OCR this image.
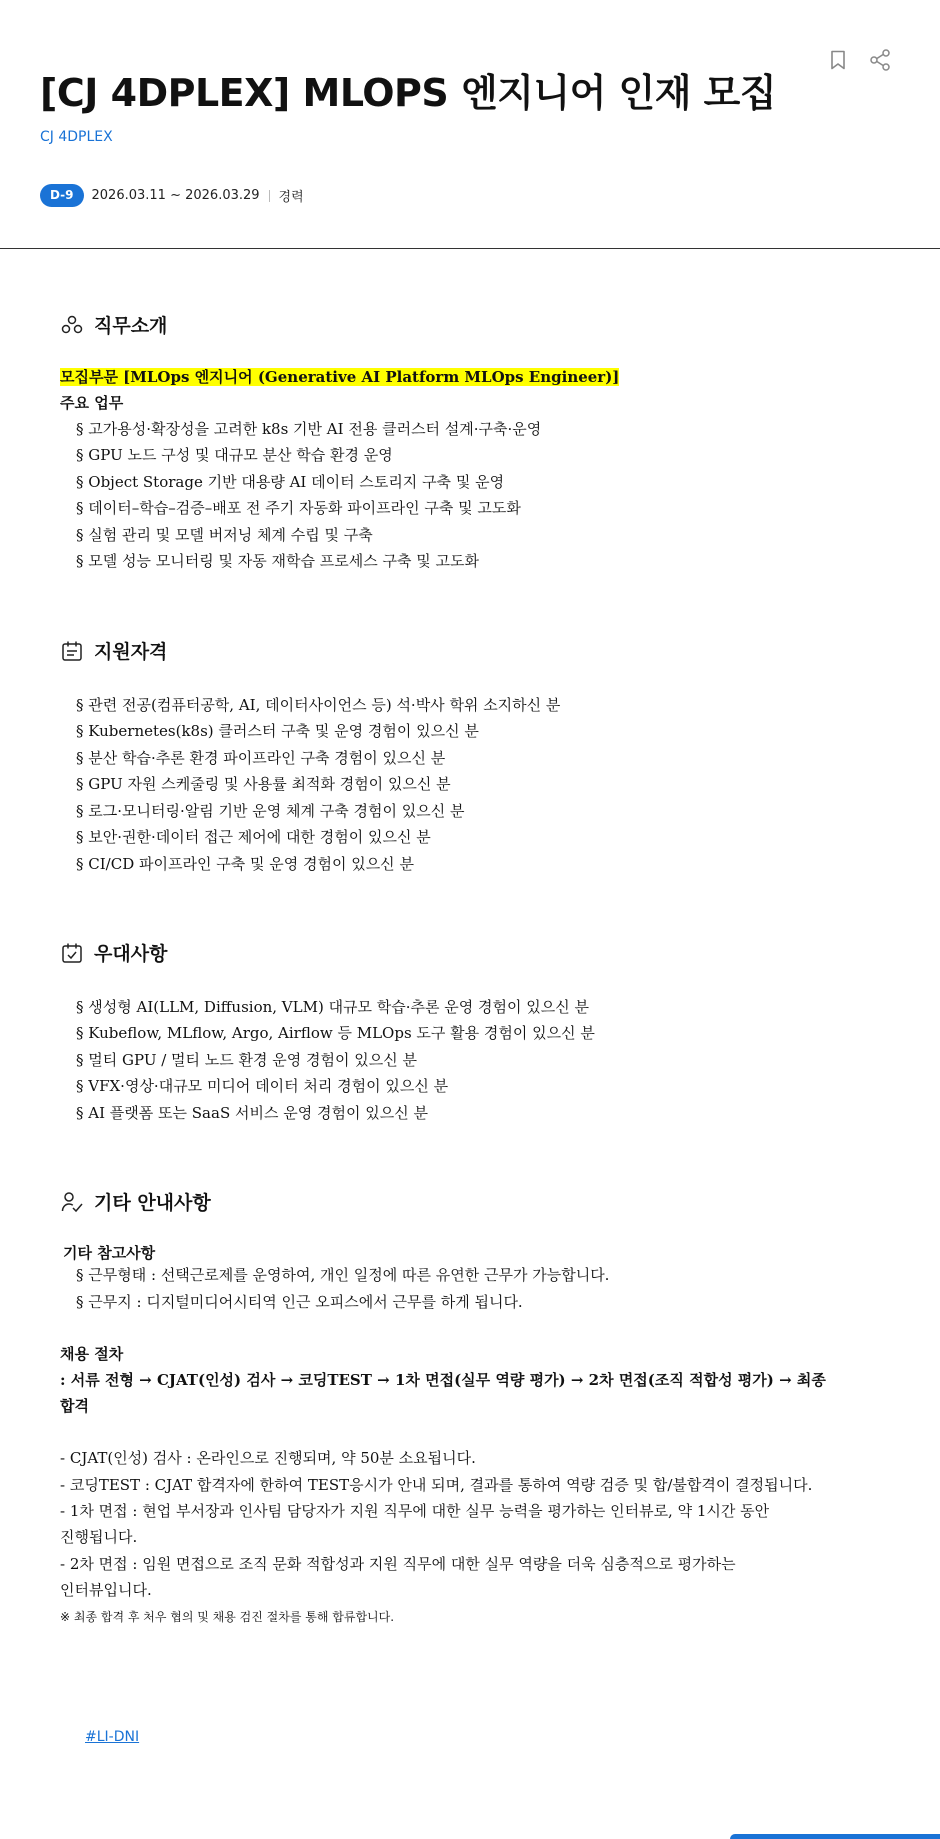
[CJ 4DPLEX] MLOPS 엔지니어 인재 모집
CJ 4DPLEX
D-9	2026.03.11 ~ 2026.03.29 경력
직무소개
모집부문 [MLOps 엔지니어 (Generative AI Platform MLOps Engineer)]
주요 업무
§ 고가용성·확장성을 고려한 k8s 기반 AI 전용 클러스터 설계·구축·운영
§ GPU 노드 구성 및 대규모 분산 학습 환경 운영
§ Object Storage 기반 대용량 AI 데이터 스토리지 구축 및 운영
§ 데이터–학습–검증–배포 전 주기 자동화 파이프라인 구축 및 고도화
§ 실험 관리 및 모델 버저닝 체계 수립 및 구축
§ 모델 성능 모니터링 및 자동 재학습 프로세스 구축 및 고도화
지원자격
§ 관련 전공(컴퓨터공학, AI, 데이터사이언스 등) 석·박사 학위 소지하신 분
§ Kubernetes(k8s) 클러스터 구축 및 운영 경험이 있으신 분
§ 분산 학습·추론 환경 파이프라인 구축 경험이 있으신 분
§ GPU 자원 스케줄링 및 사용률 최적화 경험이 있으신 분
§ 로그·모니터링·알림 기반 운영 체계 구축 경험이 있으신 분
§ 보안·권한·데이터 접근 제어에 대한 경험이 있으신 분
§ CI/CD 파이프라인 구축 및 운영 경험이 있으신 분
우대사항
§ 생성형 AI(LLM, Diffusion, VLM) 대규모 학습·추론 운영 경험이 있으신 분
§ Kubeflow, MLflow, Argo, Airflow 등 MLOps 도구 활용 경험이 있으신 분
§ 멀티 GPU / 멀티 노드 환경 운영 경험이 있으신 분
§ VFX·영상·대규모 미디어 데이터 처리 경험이 있으신 분
§ AI 플랫폼 또는 SaaS 서비스 운영 경험이 있으신 분
기타 안내사항
기타 참고사항
§ 근무형태 : 선택근로제를 운영하여, 개인 일정에 따른 유연한 근무가 가능합니다.
§ 근무지 : 디지털미디어시티역 인근 오피스에서 근무를 하게 됩니다.
채용 절차
: 서류 전형 → CJAT(인성) 검사 → 코딩TEST → 1차 면접(실무 역량 평가) → 2차 면접(조직 적합성 평가) → 최종
합격
- CJAT(인성) 검사 : 온라인으로 진행되며, 약 50분 소요됩니다.
- 코딩TEST : CJAT 합격자에 한하여 TEST응시가 안내 되며, 결과를 통하여 역량 검증 및 합/불합격이 결정됩니다.
- 1차 면접 : 현업 부서장과 인사팀 담당자가 지원 직무에 대한 실무 능력을 평가하는 인터뷰로, 약 1시간 동안
진행됩니다.
- 2차 면접 : 임원 면접으로 조직 문화 적합성과 지원 직무에 대한 실무 역량을 더욱 심층적으로 평가하는
인터뷰입니다.
※ 최종 합격 후 처우 협의 및 채용 검진 절차를 통해 합류합니다.
#LI-DNI
